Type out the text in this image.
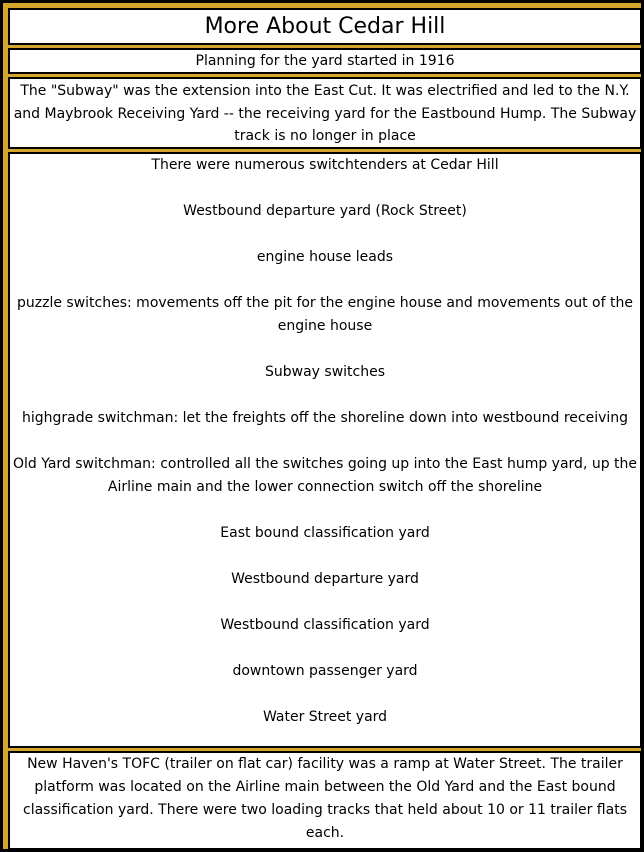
More About Cedar Hill
Planning for the yard started in 1916
The "Subway" was the extension into the East Cut. It was electrified and led to the N.Y. and Maybrook Receiving Yard -- the receiving yard for the Eastbound Hump. The Subway track is no longer in place
There were numerous switchtenders at Cedar Hill
Westbound departure yard (Rock Street)
engine house leads
puzzle switches: movements off the pit for the engine house and movements out of the engine house
Subway switches
highgrade switchman: let the freights off the shoreline down into westbound receiving
Old Yard switchman: controlled all the switches going up into the East hump yard, up the Airline main and the lower connection switch off the shoreline
East bound classification yard
Westbound departure yard
Westbound classification yard
downtown passenger yard
Water Street yard
New Haven's TOFC (trailer on flat car) facility was a ramp at Water Street. The trailer platform was located on the Airline main between the Old Yard and the East bound classification yard. There were two loading tracks that held about 10 or 11 trailer flats each.
